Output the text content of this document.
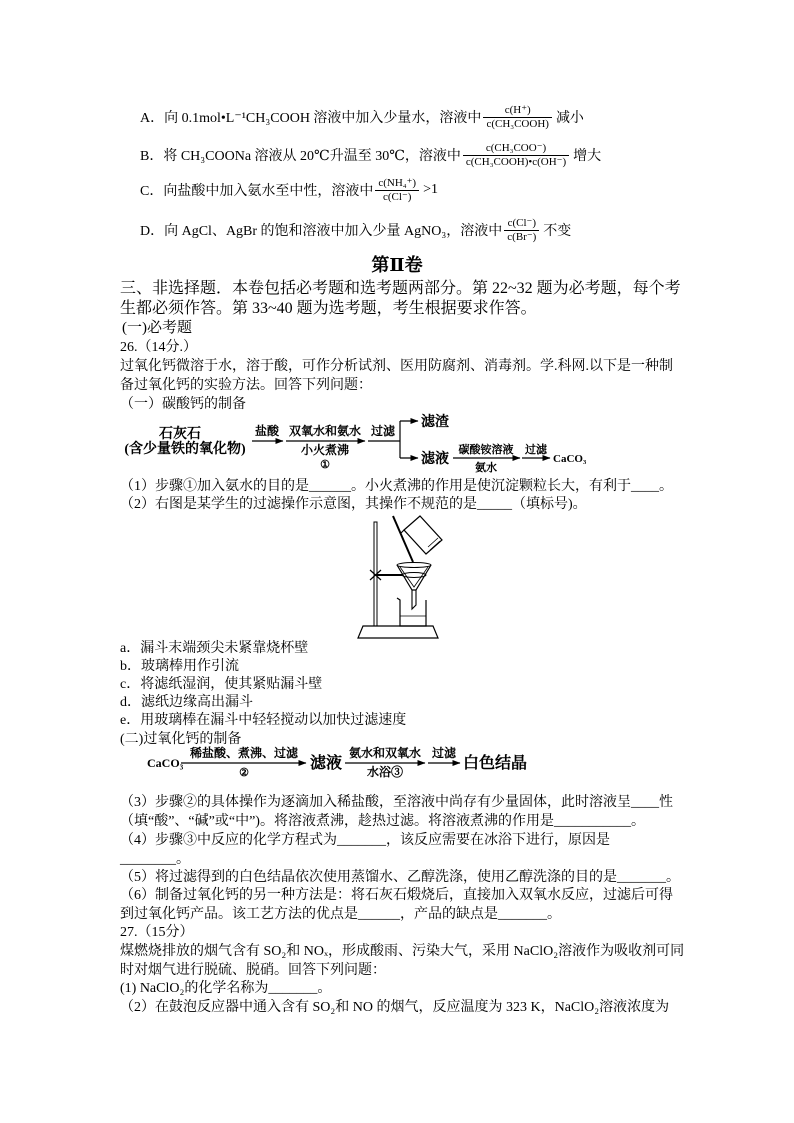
A．向 0.1mol•L⁻¹CH₃COOH 溶液中加入少量水，溶液中 $\frac{c(H^+)}{\text{c(CH₃COOH)}}$ 减小
B．将 CH₃COONa 溶液从 20℃升温至 30℃，溶液中 $\frac{\text{c(CH₃COO⁻)}}{\text{c(CH₃COOH)•c(OH⁻)}}$ 增大
C．向盐酸中加入氨水至中性，溶液中 $\frac{\text{c(NH₄⁺)}}{c(Cl^-)} >1$
D．向 AgCl、AgBr 的饱和溶液中加入少量 AgNO₃，溶液中 $\frac{c(Cl^-)}{c(Br^-)}$ 不变
第Ⅱ卷
三、非选择题．本卷包括必考题和选考题两部分。第 22~32 题为必考题，每个考
生都必须作答。第 33~40 题为选考题，考生根据要求作答。
(一)必考题
26.（14分.）
过氧化钙微溶于水，溶于酸，可作分析试剂、医用防腐剂、消毒剂。学.科网.以下是一种制
备过氧化钙的实验方法。回答下列问题：
（一）碳酸钙的制备
石灰石
(含少量铁的氧化物)
盐酸 双氧水和氨水
小火煮沸
①
过滤
滤渣
滤液
碳酸铵溶液
氨水
过滤
CaCO₃
（1）步骤①加入氨水的目的是______。小火煮沸的作用是使沉淀颗粒长大，有利于____。
（2）右图是某学生的过滤操作示意图，其操作不规范的是_____（填标号)。
a．漏斗末端颈尖未紧靠烧杯壁
b．玻璃棒用作引流
c．将滤纸湿润，使其紧贴漏斗壁
d．滤纸边缘高出漏斗
e．用玻璃棒在漏斗中轻轻搅动以加快过滤速度
(二)过氧化钙的制备
CaCO₃
稀盐酸、煮沸、过滤
②
滤液
氨水和双氧水
水浴③
过滤
白色结晶
（3）步骤②的具体操作为逐滴加入稀盐酸，至溶液中尚存有少量固体，此时溶液呈____性
（填“酸”、“碱”或“中”)。将溶液煮沸，趁热过滤。将溶液煮沸的作用是___________。
（4）步骤③中反应的化学方程式为_______，该反应需要在冰浴下进行，原因是
________。
（5）将过滤得到的白色结晶依次使用蒸馏水、乙醇洗涤，使用乙醇洗涤的目的是_______。
（6）制备过氧化钙的另一种方法是：将石灰石煅烧后，直接加入双氧水反应，过滤后可得
到过氧化钙产品。该工艺方法的优点是______，产品的缺点是_______。
27.（15分）
煤燃烧排放的烟气含有 SO₂和 NOₓ，形成酸雨、污染大气，采用 NaClO₂溶液作为吸收剂可同
时对烟气进行脱硫、脱硝。回答下列问题：
(1) NaClO₂的化学名称为_______。
（2）在鼓泡反应器中通入含有 SO₂和 NO 的烟气，反应温度为 323 K，NaClO₂溶液浓度为
